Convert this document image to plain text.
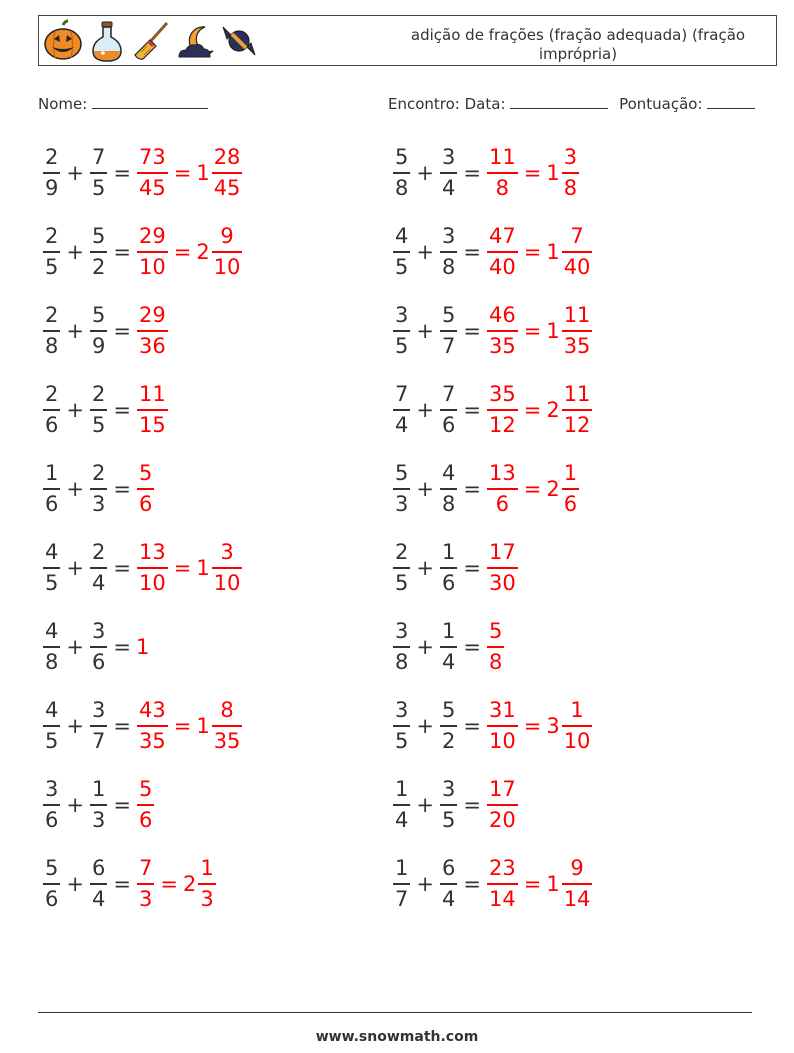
adição de frações (fração adequada) (fração imprópria)
Nome:	Encontro: Data:	Pontuação:
$\frac{2}{9} + \frac{7}{5} = \frac{73}{45} = 1 \frac{28}{45}$
$\frac{2}{5} + \frac{5}{2} = \frac{29}{10} = 2 \frac{9}{10}$
$\frac{2}{8} + \frac{5}{9} = \frac{29}{36}$
$\frac{2}{6} + \frac{2}{5} = \frac{11}{15}$
$\frac{1}{6} + \frac{2}{3} = \frac{5}{6}$
$\frac{4}{5} + \frac{2}{4} = \frac{13}{10} = 1 \frac{3}{10}$
$\frac{4}{8} + \frac{3}{6} = 1$
$\frac{4}{5} + \frac{3}{7} = \frac{43}{35} = 1 \frac{8}{35}$
$\frac{3}{6} + \frac{1}{3} = \frac{5}{6}$
$\frac{5}{6} + \frac{6}{4} = \frac{7}{3} = 2 \frac{1}{3}$
$\frac{5}{8} + \frac{3}{4} = \frac{11}{8} = 1 \frac{3}{8}$
$\frac{4}{5} + \frac{3}{8} = \frac{47}{40} = 1 \frac{7}{40}$
$\frac{3}{5} + \frac{5}{7} = \frac{46}{35} = 1 \frac{11}{35}$
$\frac{7}{4} + \frac{7}{6} = \frac{35}{12} = 2 \frac{11}{12}$
$\frac{5}{3} + \frac{4}{8} = \frac{13}{6} = 2 \frac{1}{6}$
$\frac{2}{5} + \frac{1}{6} = \frac{17}{30}$
$\frac{3}{8} + \frac{1}{4} = \frac{5}{8}$
$\frac{3}{5} + \frac{5}{2} = \frac{31}{10} = 3 \frac{1}{10}$
$\frac{1}{4} + \frac{3}{5} = \frac{17}{20}$
$\frac{1}{7} + \frac{6}{4} = \frac{23}{14} = 1 \frac{9}{14}$
www.snowmath.com
